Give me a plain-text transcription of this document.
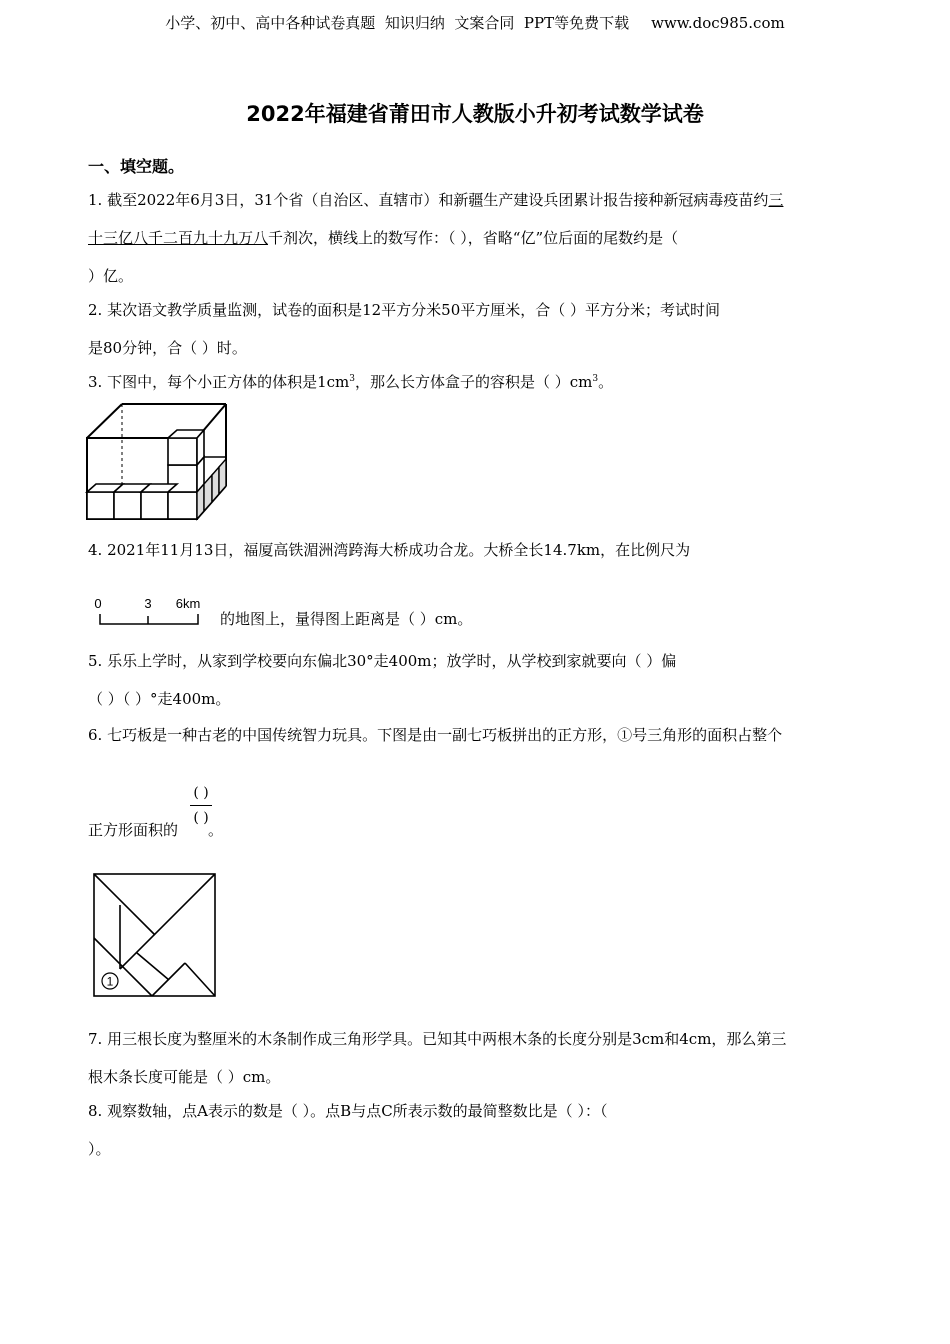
小学、初中、高中各种试卷真题  知识归纳  文案合同  PPT等免费下载 www.doc985.com
2022年福建省莆田市人教版小升初考试数学试卷
一、填空题。
1. 截至2022年6月3日，31个省（自治区、直辖市）和新疆生产建设兵团累计报告接种新冠病毒疫苗约三
十三亿八千二百九十九万八千剂次，横线上的数写作：（ ），省略“亿”位后面的尾数约是（
）亿。
2. 某次语文教学质量监测，试卷的面积是12平方分米50平方厘米，合（ ）平方分米；考试时间
是80分钟，合（ ）时。
3. 下图中，每个小正方体的体积是$1cm^3$，那么长方体盒子的容积是（ ）$cm^3$。
4. 2021年11月13日，福厦高铁湄洲湾跨海大桥成功合龙。大桥全长14.7km，在比例尺为
0	3 6km
的地图上，量得图上距离是（ ）cm。
5. 乐乐上学时，从家到学校要向东偏北30°走400m；放学时，从学校到家就要向（ ）偏
（ ）（ ）°走400m。
6. 七巧板是一种古老的中国传统智力玩具。下图是由一副七巧板拼出的正方形，①号三角形的面积占整个
( )
( )
正方形面积的 。
1
7. 用三根长度为整厘米的木条制作成三角形学具。已知其中两根木条的长度分别是3cm和4cm，那么第三
根木条长度可能是（ ）cm。
8. 观察数轴，点A表示的数是（ ）。点B与点C所表示数的最简整数比是（ ）：（
）。
